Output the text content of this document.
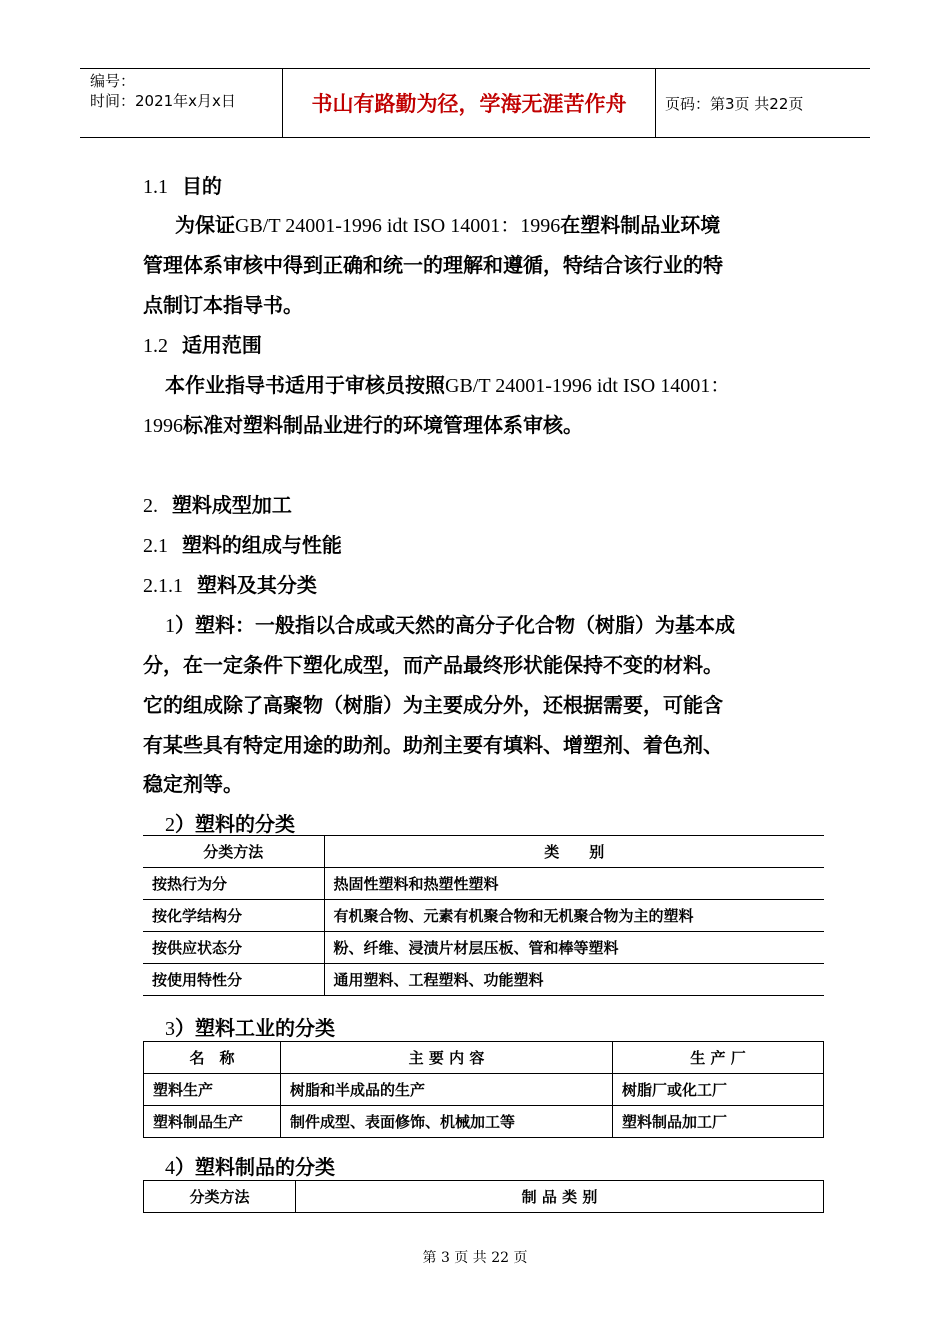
编号：
时间：2021年x月x日	书山有路勤为径，学海无涯苦作舟	页码：第3页 共22页
1.1 目的
为保证GB/T 24001-1996 idt ISO 14001：1996在塑料制品业环境
管理体系审核中得到正确和统一的理解和遵循，特结合该行业的特
点制订本指导书。
1.2 适用范围
本作业指导书适用于审核员按照GB/T 24001-1996 idt ISO 14001：
1996标准对塑料制品业进行的环境管理体系审核。
2. 塑料成型加工
2.1 塑料的组成与性能
2.1.1 塑料及其分类
1）塑料：一般指以合成或天然的高分子化合物（树脂）为基本成
分，在一定条件下塑化成型，而产品最终形状能保持不变的材料。
它的组成除了高聚物（树脂）为主要成分外，还根据需要，可能含
有某些具有特定用途的助剂。助剂主要有填料、增塑剂、着色剂、
稳定剂等。
2）塑料的分类
分类方法	类　　别
按热行为分	热固性塑料和热塑性塑料
按化学结构分	有机聚合物、元素有机聚合物和无机聚合物为主的塑料
按供应状态分	粉、纤维、浸渍片材层压板、管和棒等塑料
按使用特性分	通用塑料、工程塑料、功能塑料
3）塑料工业的分类
名　称	主 要 内 容	生 产 厂
塑料生产	树脂和半成品的生产	树脂厂或化工厂
塑料制品生产	制件成型、表面修饰、机械加工等	塑料制品加工厂
4）塑料制品的分类
分类方法	制 品 类 别
第 3 页 共 22 页
